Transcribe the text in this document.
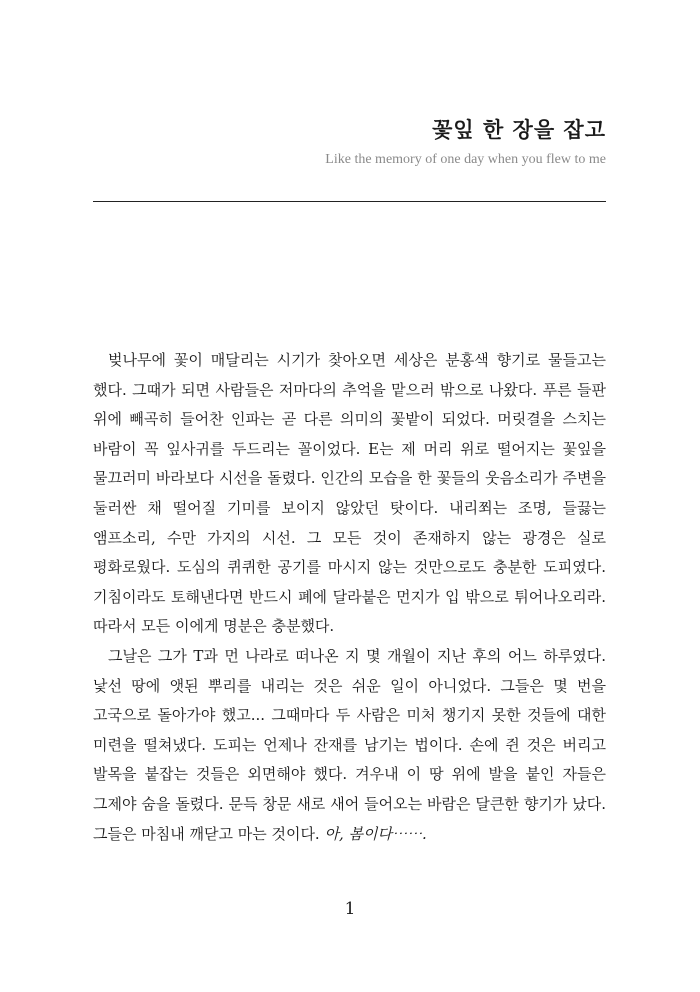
꽃잎 한 장을 잡고
Like the memory of one day when you flew to me

벚나무에 꽃이 매달리는 시기가 찾아오면 세상은 분홍색 향기로 물들고는 했다. 그때가 되면 사람들은 저마다의 추억을 맡으러 밖으로 나왔다. 푸른 들판 위에 빼곡히 들어찬 인파는 곧 다른 의미의 꽃밭이 되었다. 머릿결을 스치는 바람이 꼭 잎사귀를 두드리는 꼴이었다. E는 제 머리 위로 떨어지는 꽃잎을 물끄러미 바라보다 시선을 돌렸다. 인간의 모습을 한 꽃들의 웃음소리가 주변을 둘러싼 채 떨어질 기미를 보이지 않았던 탓이다. 내리쬐는 조명, 들끓는 앰프소리, 수만 가지의 시선. 그 모든 것이 존재하지 않는 광경은 실로 평화로웠다. 도심의 퀴퀴한 공기를 마시지 않는 것만으로도 충분한 도피였다. 기침이라도 토해낸다면 반드시 폐에 달라붙은 먼지가 입 밖으로 튀어나오리라. 따라서 모든 이에게 명분은 충분했다.

그날은 그가 T과 먼 나라로 떠나온 지 몇 개월이 지난 후의 어느 하루였다. 낯선 땅에 앳된 뿌리를 내리는 것은 쉬운 일이 아니었다. 그들은 몇 번을 고국으로 돌아가야 했고... 그때마다 두 사람은 미처 챙기지 못한 것들에 대한 미련을 떨쳐냈다. 도피는 언제나 잔재를 남기는 법이다. 손에 쥔 것은 버리고 발목을 붙잡는 것들은 외면해야 했다. 겨우내 이 땅 위에 발을 붙인 자들은 그제야 숨을 돌렸다. 문득 창문 새로 새어 들어오는 바람은 달큰한 향기가 났다. 그들은 마침내 깨닫고 마는 것이다. 아, 봄이다⋯⋯.

1
